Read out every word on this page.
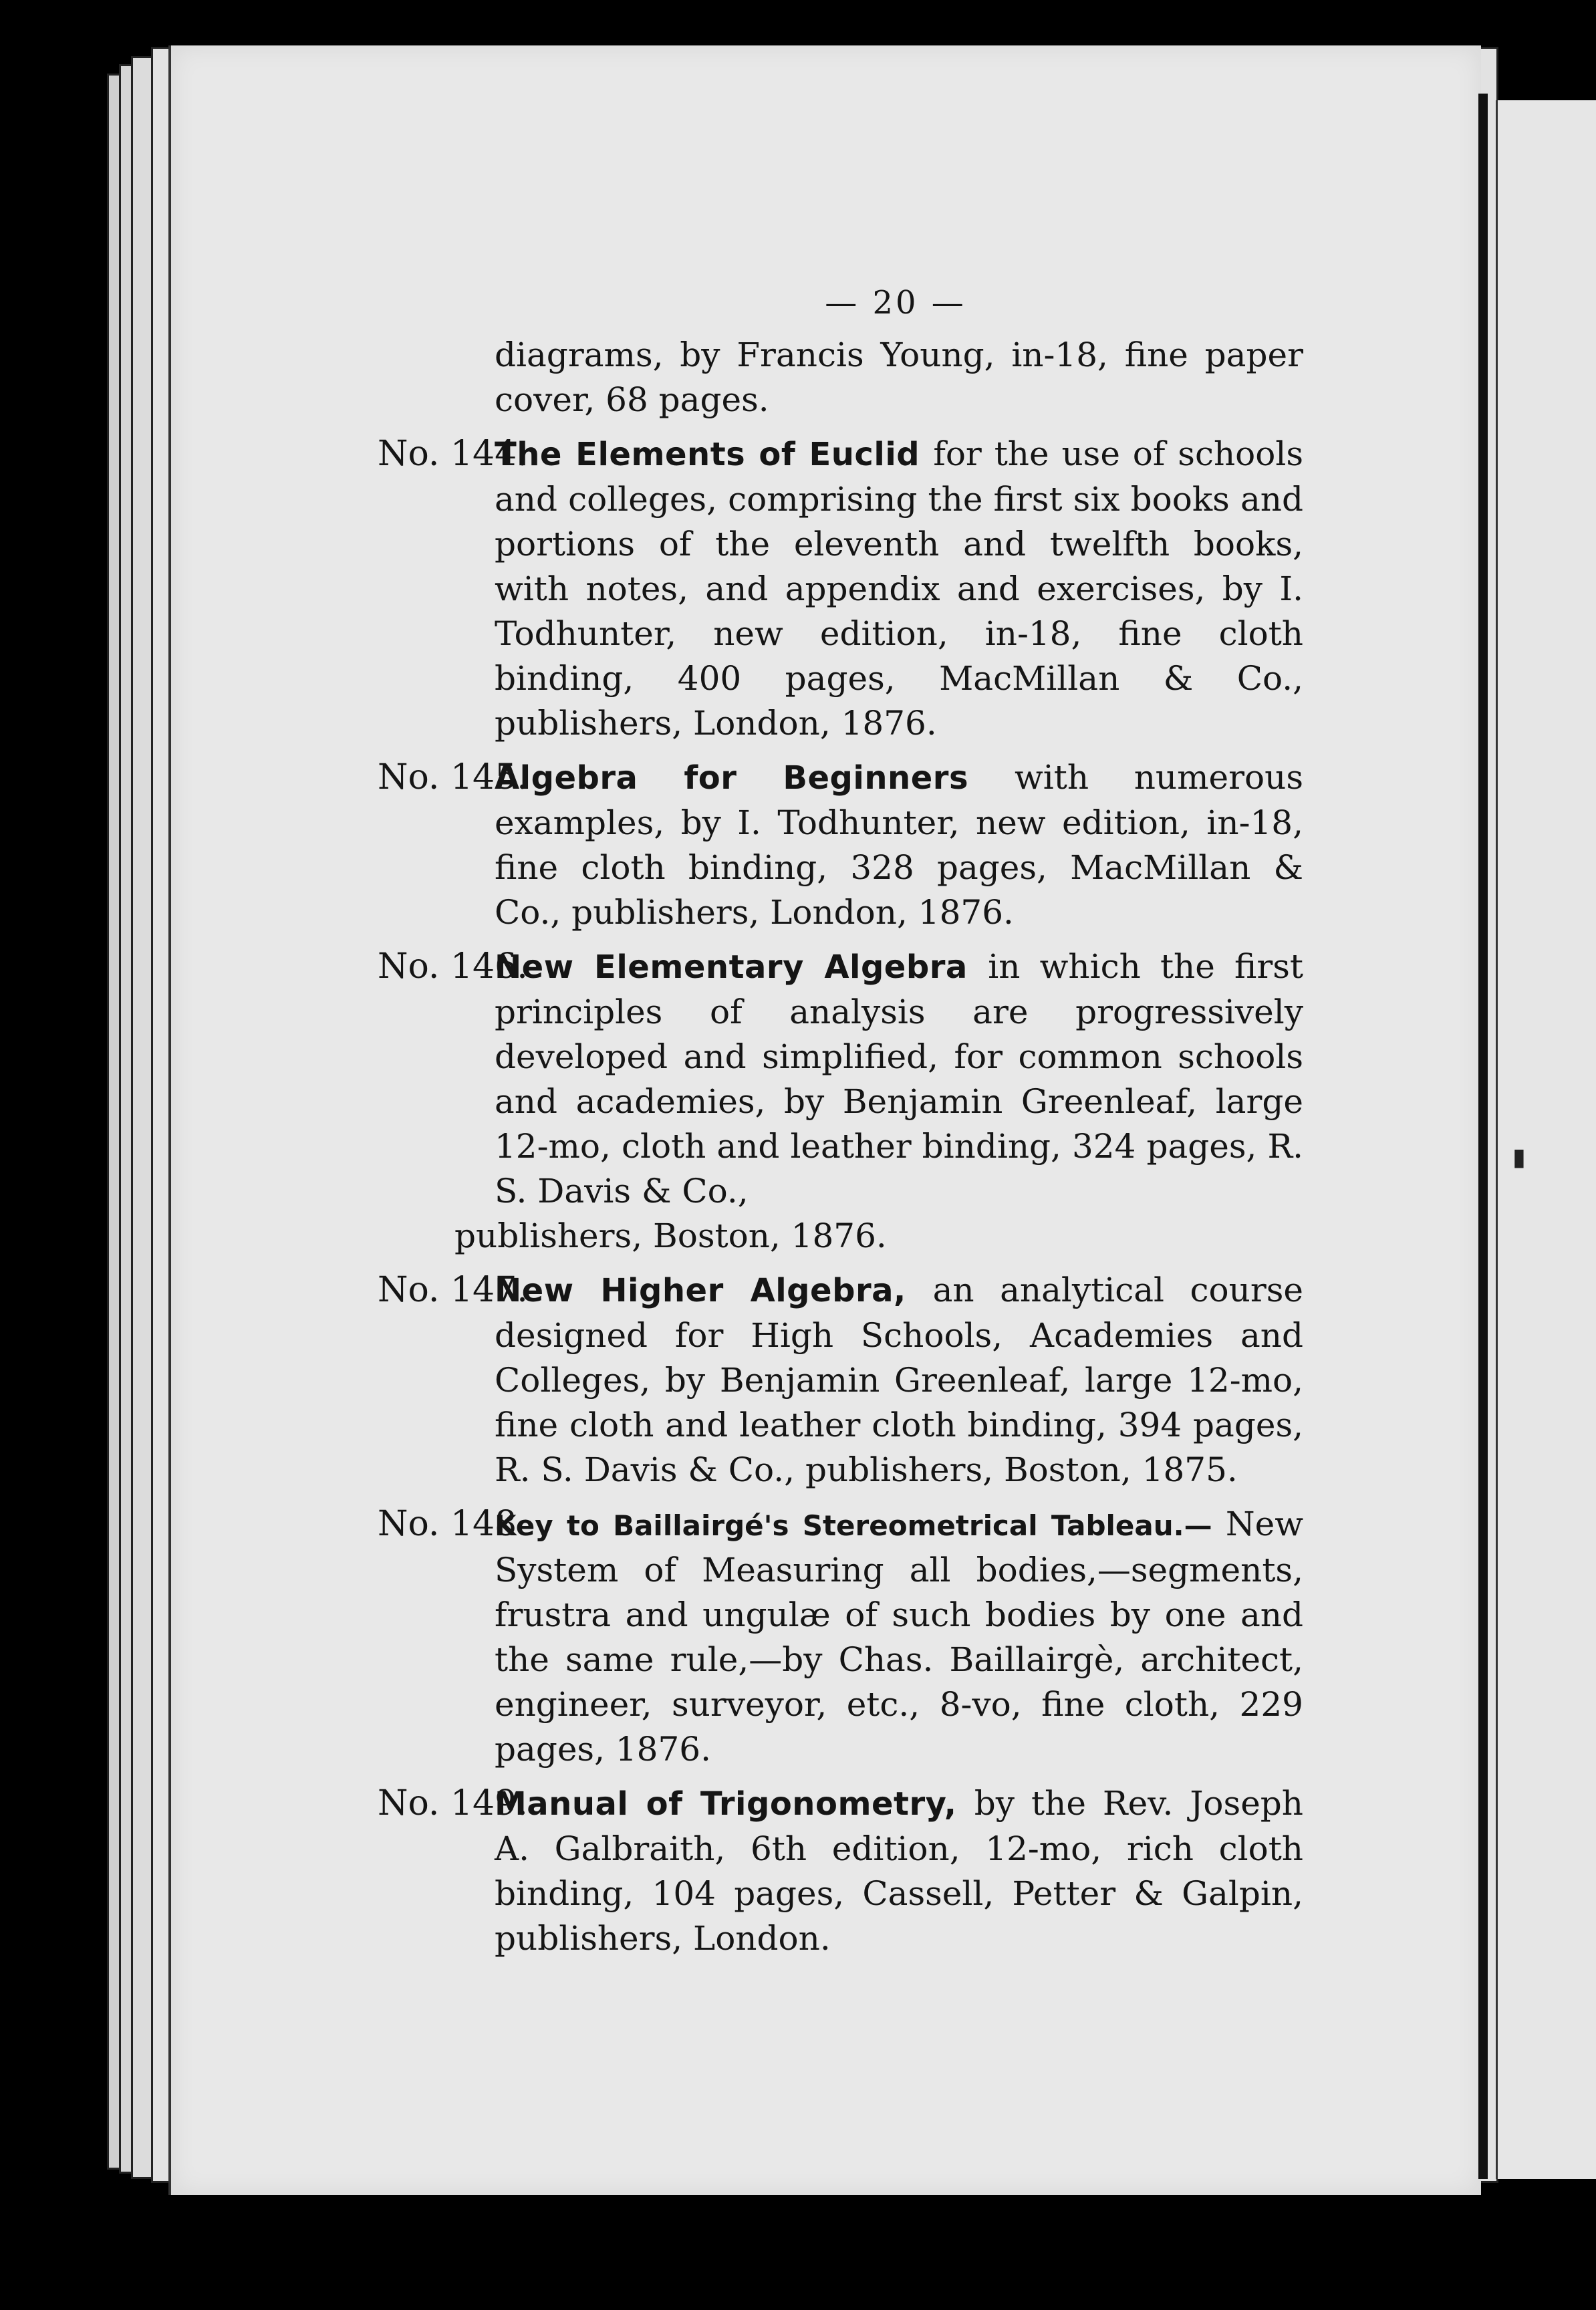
▮
— 20 —
diagrams, by Francis Young, in-18, fine paper cover, 68 pages.
No. 144.
The Elements of Euclid for the use of schools and colleges, comprising the first six books and portions of the eleventh and twelfth books, with notes, and appendix and exercises, by I. Todhunter, new edition, in-18, fine cloth binding, 400 pages, MacMillan & Co., publishers, London, 1876.
No. 145.
Algebra for Beginners with numerous examples, by I. Todhunter, new edition, in-18, fine cloth binding, 328 pages, MacMillan & Co., publishers, London, 1876.
No. 146.
New Elementary Algebra in which the first principles of analysis are progressively developed and simplified, for common schools and academies, by Benjamin Greenleaf, large 12-mo, cloth and leather binding, 324 pages, R. S. Davis & Co.,
publishers, Boston, 1876.
No. 147.
New Higher Algebra, an analytical course designed for High Schools, Academies and Colleges, by Benjamin Greenleaf, large 12-mo, fine cloth and leather cloth binding, 394 pages, R. S. Davis & Co., publishers, Boston, 1875.
No. 148
Key to Baillairgé's Stereometrical Tableau.— New System of Measuring all bodies,—segments, frustra and ungulæ of such bodies by one and the same rule,—by Chas. Baillairgè, architect, engineer, surveyor, etc., 8-vo, fine cloth, 229 pages, 1876.
No. 149.
Manual of Trigonometry, by the Rev. Joseph A. Galbraith, 6th edition, 12-mo, rich cloth binding, 104 pages, Cassell, Petter & Galpin, publishers, London.
